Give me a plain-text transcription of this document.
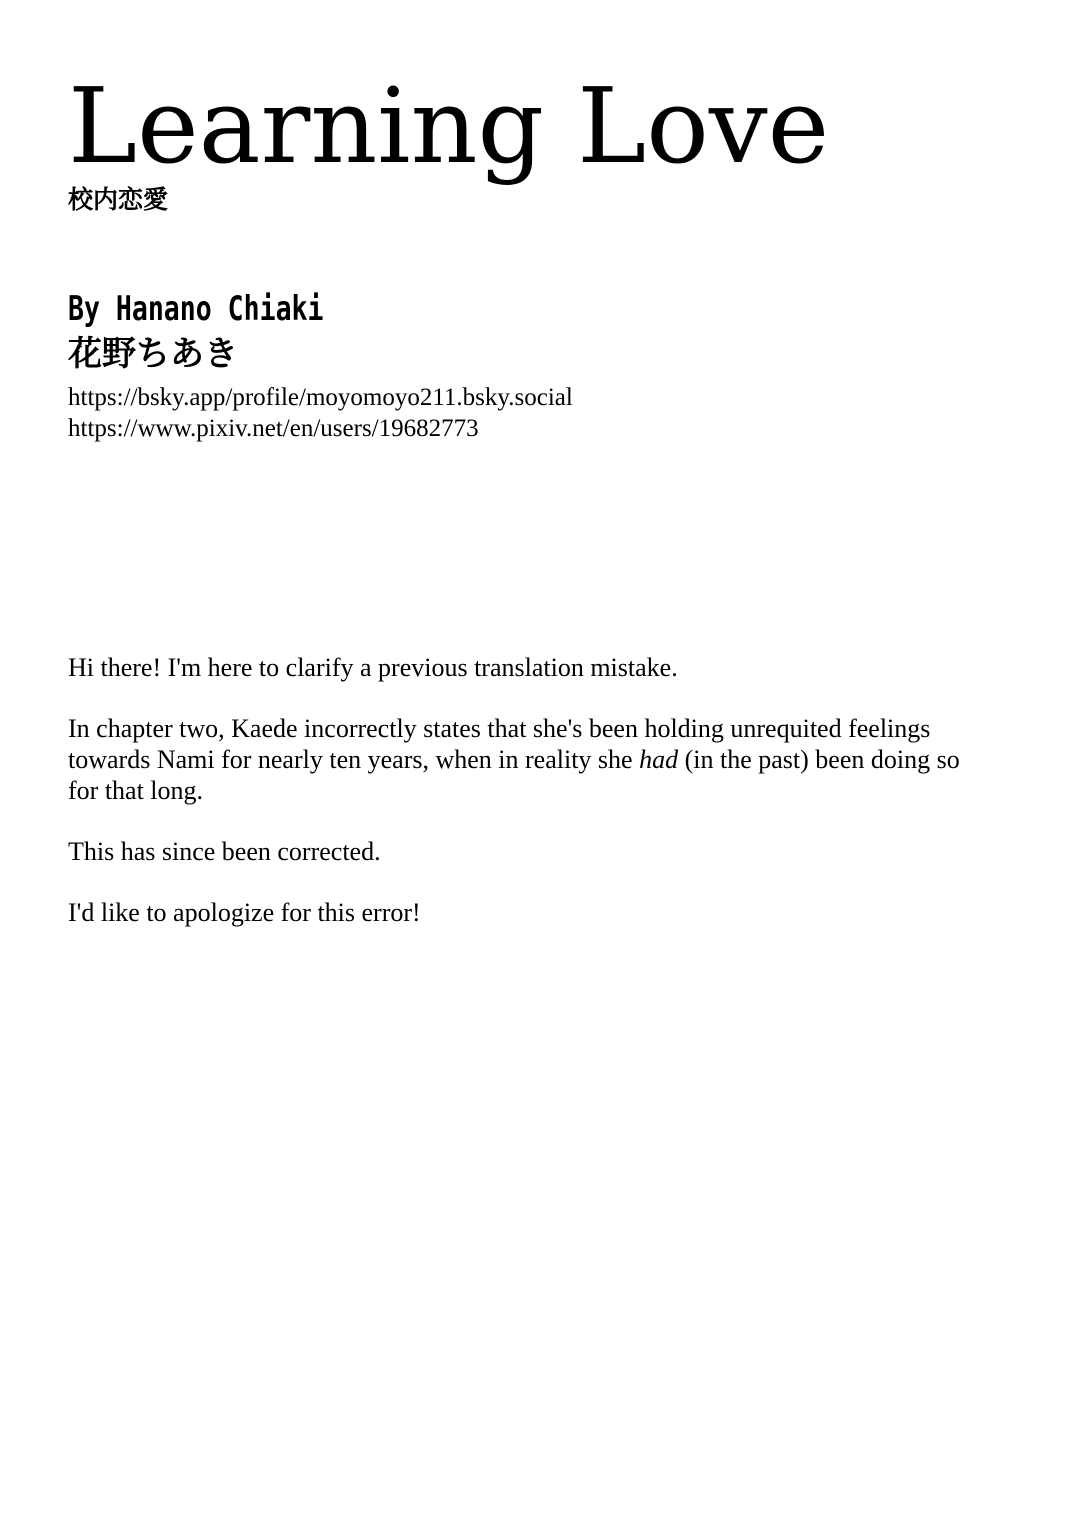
Learning Love
校内恋愛
By Hanano Chiaki
花野ちあき
https://bsky.app/profile/moyomoyo211.bsky.social
https://www.pixiv.net/en/users/19682773

Hi there! I'm here to clarify a previous translation mistake.

In chapter two, Kaede incorrectly states that she's been holding unrequited feelings towards Nami for nearly ten years, when in reality she had (in the past) been doing so for that long.

This has since been corrected.

I'd like to apologize for this error!
